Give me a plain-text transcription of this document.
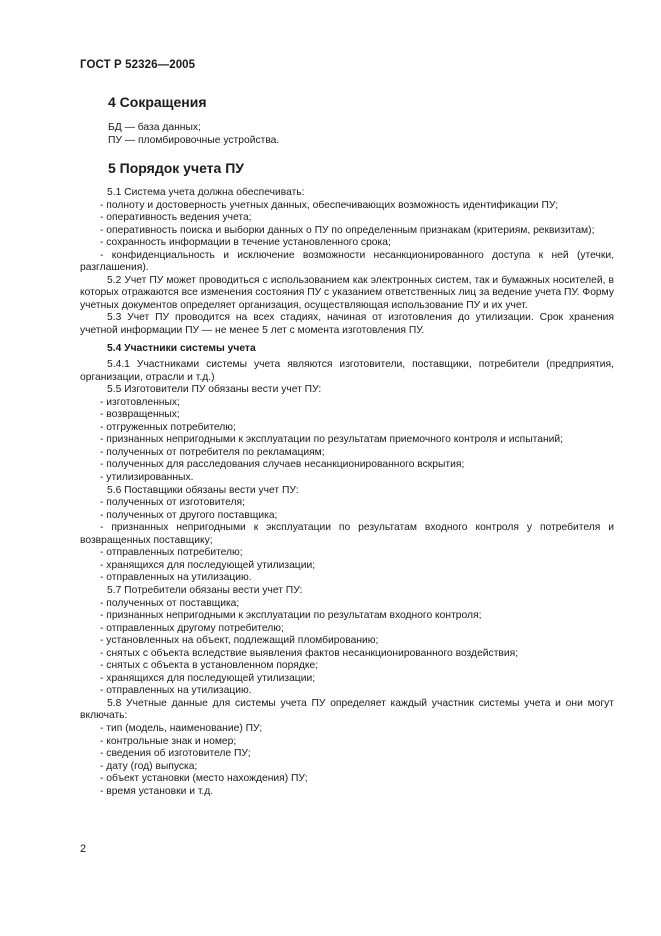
ГОСТ Р 52326—2005

4 Сокращения

БД — база данных;

ПУ — пломбировочные устройства.

5 Порядок учета ПУ

5.1 Система учета должна обеспечивать:

- полноту и достоверность учетных данных, обеспечивающих возможность идентификации ПУ;

- оперативность ведения учета;

- оперативность поиска и выборки данных о ПУ по определенным признакам (критериям, реквизитам);

- сохранность информации в течение установленного срока;

- конфиденциальность и исключение возможности несанкционированного доступа к ней (утечки, разглашения).

5.2 Учет ПУ может проводиться с использованием как электронных систем, так и бумажных носителей, в которых отражаются все изменения состояния ПУ с указанием ответственных лиц за ведение учета ПУ. Форму учетных документов определяет организация, осуществляющая использование ПУ и их учет.

5.3 Учет ПУ проводится на всех стадиях, начиная от изготовления до утилизации. Срок хранения учетной информации ПУ — не менее 5 лет с момента изготовления ПУ.

5.4 Участники системы учета

5.4.1 Участниками системы учета являются изготовители, поставщики, потребители (предприятия, организации, отрасли и т.д.)

5.5 Изготовители ПУ обязаны вести учет ПУ:

- изготовленных;

- возвращенных;

- отгруженных потребителю;

- признанных непригодными к эксплуатации по результатам приемочного контроля и испытаний;

- полученных от потребителя по рекламациям;

- полученных для расследования случаев несанкционированного вскрытия;

- утилизированных.

5.6 Поставщики обязаны вести учет ПУ:

- полученных от изготовителя;

- полученных от другого поставщика;

- признанных непригодными к эксплуатации по результатам входного контроля у потребителя и возвращенных поставщику;

- отправленных потребителю;

- хранящихся для последующей утилизации;

- отправленных на утилизацию.

5.7 Потребители обязаны вести учет ПУ:

- полученных от поставщика;

- признанных непригодными к эксплуатации по результатам входного контроля;

- отправленных другому потребителю;

- установленных на объект, подлежащий пломбированию;

- снятых с объекта вследствие выявления фактов несанкционированного воздействия;

- снятых с объекта в установленном порядке;

- хранящихся для последующей утилизации;

- отправленных на утилизацию.

5.8 Учетные данные для системы учета ПУ определяет каждый участник системы учета и они могут включать:

- тип (модель, наименование) ПУ;

- контрольные знак и номер;

- сведения об изготовителе ПУ;

- дату (год) выпуска;

- объект установки (место нахождения) ПУ;

- время установки и т.д.

2
